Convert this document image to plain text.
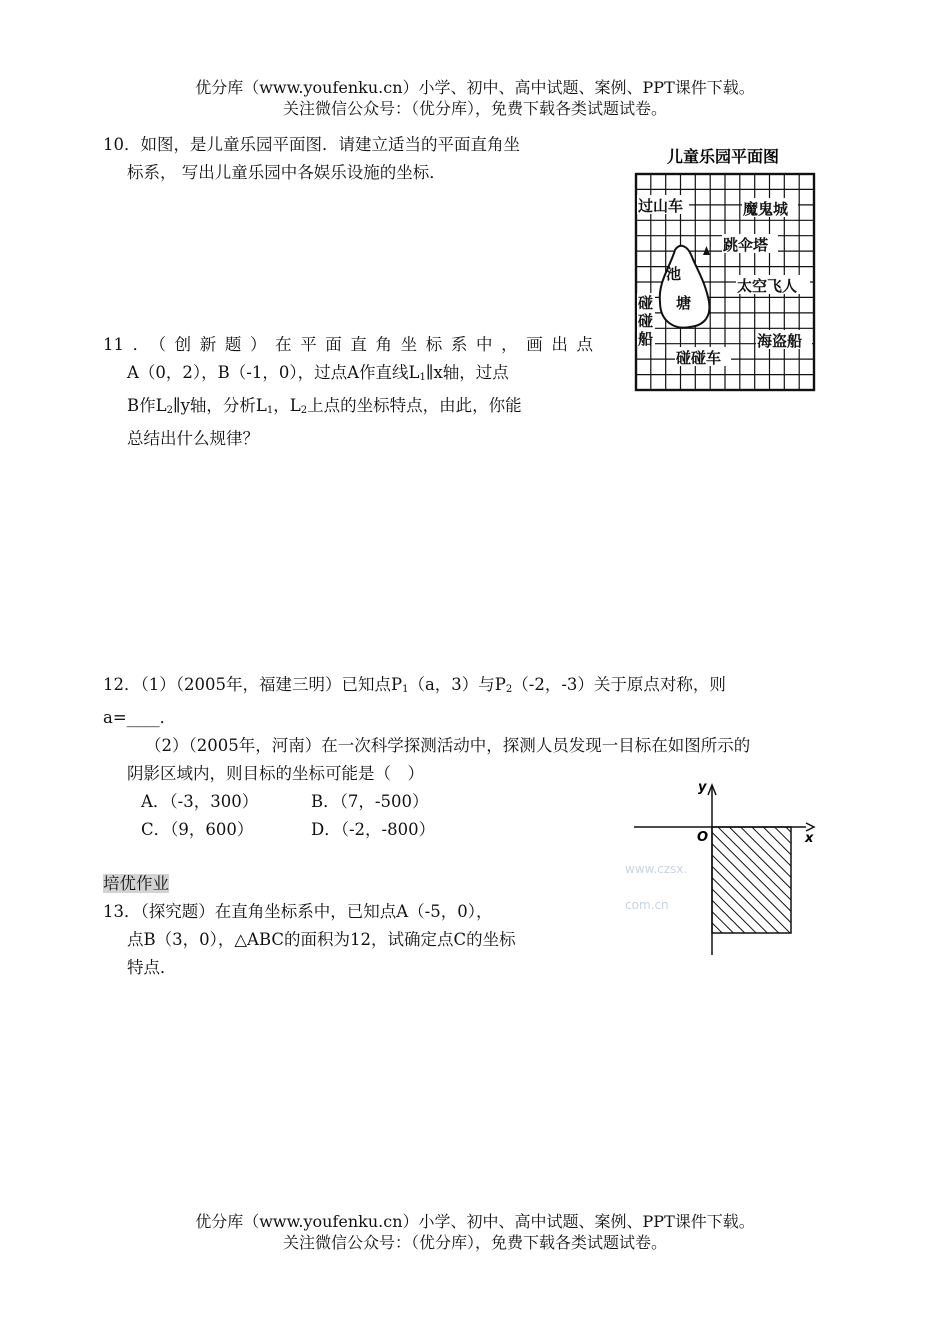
优分库（www.youfenku.cn）小学、初中、高中试题、案例、PPT课件下载。
关注微信公众号：（优分库），免费下载各类试题试卷。
10．如图，是儿童乐园平面图．请建立适当的平面直角坐
标系， 写出儿童乐园中各娱乐设施的坐标．
儿童乐园平面图
过山车	魔鬼城
跳伞塔
池
塘
太空飞人
碰
碰
船	海盗船
碰碰车
11．（创新题）在平面直角坐标系中，画出点
A（0，2），B（-1，0），过点A作直线$L_1\parallel x$轴，过点
B作$L_2\parallel y$轴，分析$L_1$，$L_2$上点的坐标特点，由此，你能
总结出什么规律？
12．（1）（2005年，福建三明）已知点$P_1(a$，3）与$P_2(-2$，-3）关于原点对称，则
a=____．
（2）（2005年，河南）在一次科学探测活动中，探测人员发现一目标在如图所示的
阴影区域内，则目标的坐标可能是（　）
A．（-3，300）	B．（7，-500）
C．（9，600）	D．（-2，-800）
www.czsx.
com.cn
y
x
O
培优作业
13．（探究题）在直角坐标系中，已知点A（-5，0），
点B（3，0），△ABC的面积为12，试确定点C的坐标
特点．
优分库（www.youfenku.cn）小学、初中、高中试题、案例、PPT课件下载。
关注微信公众号：（优分库），免费下载各类试题试卷。
